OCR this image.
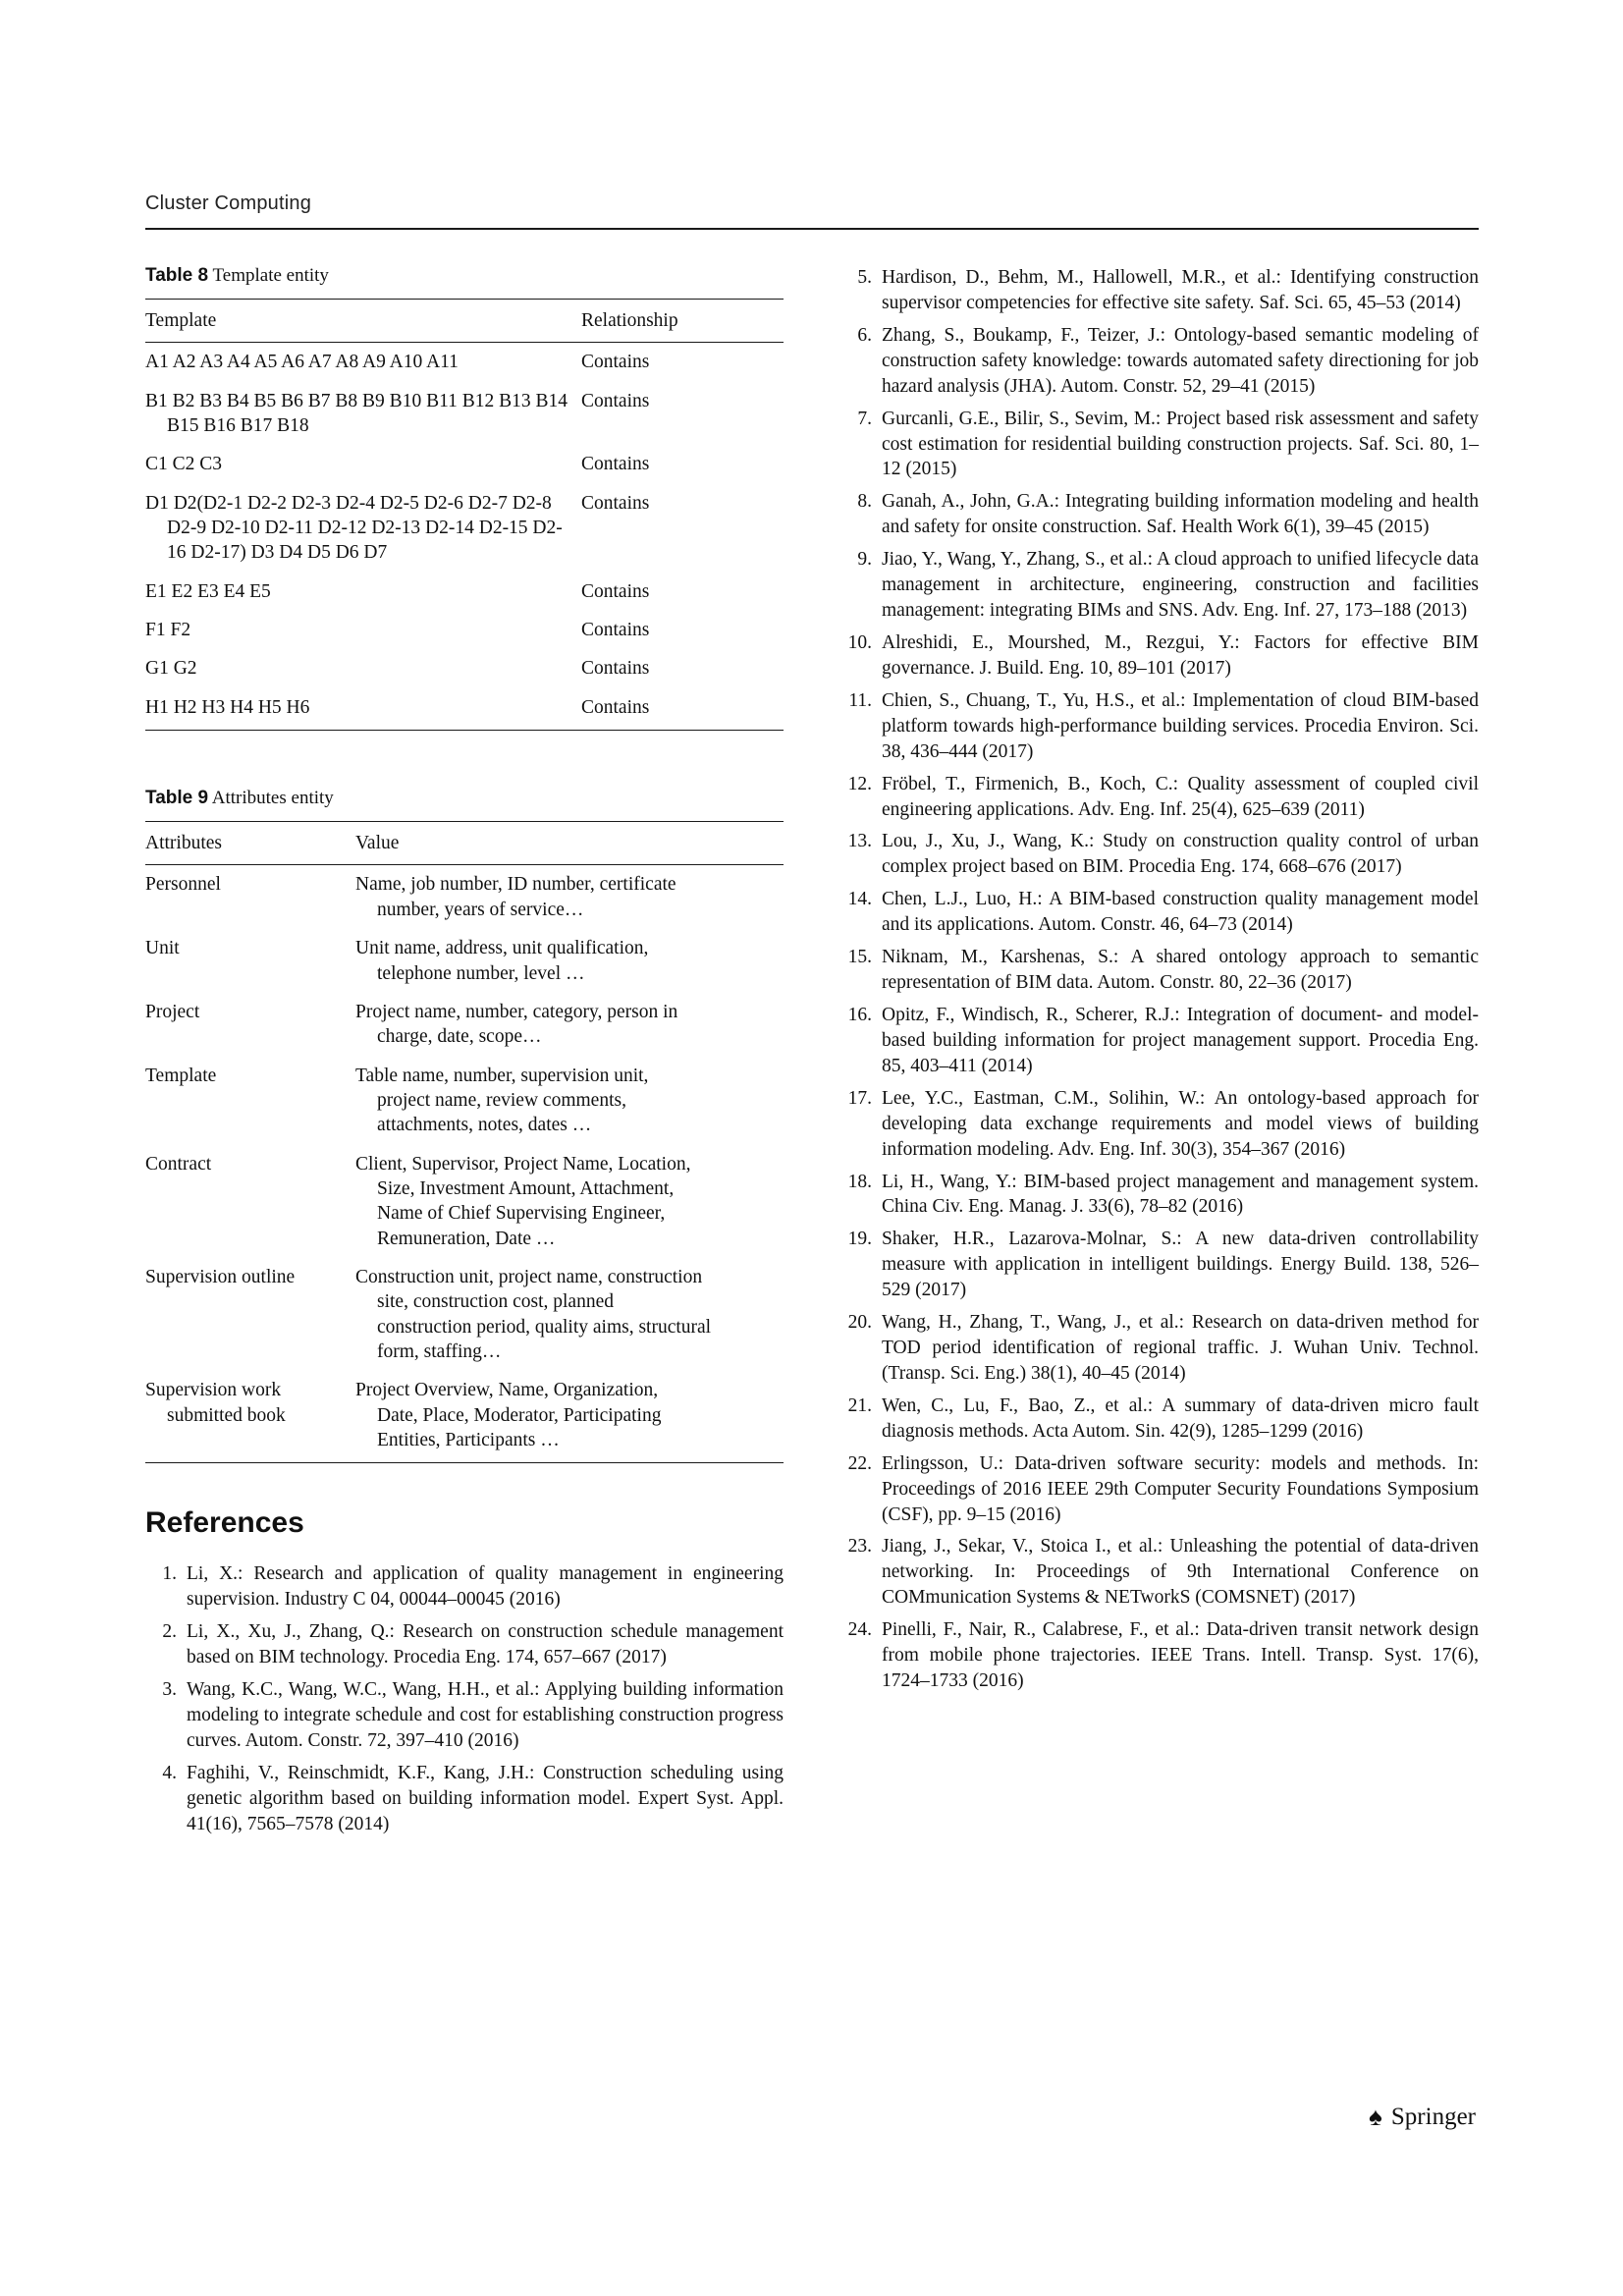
Cluster Computing
Table 8 Template entity
Template	Relationship

A1 A2 A3 A4 A5 A6 A7 A8 A9 A10 A11	Contains

B1 B2 B3 B4 B5 B6 B7 B8 B9 B10 B11 B12 B13 B14
B15 B16 B17 B18	Contains

C1 C2 C3	Contains

D1 D2(D2-1 D2-2 D2-3 D2-4 D2-5 D2-6 D2-7 D2-8
D2-9 D2-10 D2-11 D2-12 D2-13 D2-14 D2-15 D2-
16 D2-17) D3 D4 D5 D6 D7	Contains

E1 E2 E3 E4 E5	Contains

F1 F2	Contains

G1 G2	Contains

H1 H2 H3 H4 H5 H6	Contains
Table 9 Attributes entity
Attributes	Value

Personnel	Name, job number, ID number, certificate
number, years of service…

Unit	Unit name, address, unit qualification,
telephone number, level …

Project	Project name, number, category, person in
charge, date, scope…

Template	Table name, number, supervision unit,
project name, review comments,
attachments, notes, dates …

Contract	Client, Supervisor, Project Name, Location,
Size, Investment Amount, Attachment,
Name of Chief Supervising Engineer,
Remuneration, Date …

Supervision outline	Construction unit, project name, construction
site, construction cost, planned
construction period, quality aims, structural
form, staffing…

Supervision work
submitted book	Project Overview, Name, Organization,
Date, Place, Moderator, Participating
Entities, Participants …
References
1. Li, X.: Research and application of quality management in engineering supervision. Industry C 04, 00044–00045 (2016)
2. Li, X., Xu, J., Zhang, Q.: Research on construction schedule management based on BIM technology. Procedia Eng. 174, 657–667 (2017)
3. Wang, K.C., Wang, W.C., Wang, H.H., et al.: Applying building information modeling to integrate schedule and cost for establishing construction progress curves. Autom. Constr. 72, 397–410 (2016)
4. Faghihi, V., Reinschmidt, K.F., Kang, J.H.: Construction scheduling using genetic algorithm based on building information model. Expert Syst. Appl. 41(16), 7565–7578 (2014)
5. Hardison, D., Behm, M., Hallowell, M.R., et al.: Identifying construction supervisor competencies for effective site safety. Saf. Sci. 65, 45–53 (2014)
6. Zhang, S., Boukamp, F., Teizer, J.: Ontology-based semantic modeling of construction safety knowledge: towards automated safety directioning for job hazard analysis (JHA). Autom. Constr. 52, 29–41 (2015)
7. Gurcanli, G.E., Bilir, S., Sevim, M.: Project based risk assessment and safety cost estimation for residential building construction projects. Saf. Sci. 80, 1–12 (2015)
8. Ganah, A., John, G.A.: Integrating building information modeling and health and safety for onsite construction. Saf. Health Work 6(1), 39–45 (2015)
9. Jiao, Y., Wang, Y., Zhang, S., et al.: A cloud approach to unified lifecycle data management in architecture, engineering, construction and facilities management: integrating BIMs and SNS. Adv. Eng. Inf. 27, 173–188 (2013)
10. Alreshidi, E., Mourshed, M., Rezgui, Y.: Factors for effective BIM governance. J. Build. Eng. 10, 89–101 (2017)
11. Chien, S., Chuang, T., Yu, H.S., et al.: Implementation of cloud BIM-based platform towards high-performance building services. Procedia Environ. Sci. 38, 436–444 (2017)
12. Fröbel, T., Firmenich, B., Koch, C.: Quality assessment of coupled civil engineering applications. Adv. Eng. Inf. 25(4), 625–639 (2011)
13. Lou, J., Xu, J., Wang, K.: Study on construction quality control of urban complex project based on BIM. Procedia Eng. 174, 668–676 (2017)
14. Chen, L.J., Luo, H.: A BIM-based construction quality management model and its applications. Autom. Constr. 46, 64–73 (2014)
15. Niknam, M., Karshenas, S.: A shared ontology approach to semantic representation of BIM data. Autom. Constr. 80, 22–36 (2017)
16. Opitz, F., Windisch, R., Scherer, R.J.: Integration of document- and model-based building information for project management support. Procedia Eng. 85, 403–411 (2014)
17. Lee, Y.C., Eastman, C.M., Solihin, W.: An ontology-based approach for developing data exchange requirements and model views of building information modeling. Adv. Eng. Inf. 30(3), 354–367 (2016)
18. Li, H., Wang, Y.: BIM-based project management and management system. China Civ. Eng. Manag. J. 33(6), 78–82 (2016)
19. Shaker, H.R., Lazarova-Molnar, S.: A new data-driven controllability measure with application in intelligent buildings. Energy Build. 138, 526–529 (2017)
20. Wang, H., Zhang, T., Wang, J., et al.: Research on data-driven method for TOD period identification of regional traffic. J. Wuhan Univ. Technol. (Transp. Sci. Eng.) 38(1), 40–45 (2014)
21. Wen, C., Lu, F., Bao, Z., et al.: A summary of data-driven micro fault diagnosis methods. Acta Autom. Sin. 42(9), 1285–1299 (2016)
22. Erlingsson, U.: Data-driven software security: models and methods. In: Proceedings of 2016 IEEE 29th Computer Security Foundations Symposium (CSF), pp. 9–15 (2016)
23. Jiang, J., Sekar, V., Stoica I., et al.: Unleashing the potential of data-driven networking. In: Proceedings of 9th International Conference on COMmunication Systems & NETworkS (COMSNET) (2017)
24. Pinelli, F., Nair, R., Calabrese, F., et al.: Data-driven transit network design from mobile phone trajectories. IEEE Trans. Intell. Transp. Syst. 17(6), 1724–1733 (2016)
♠ Springer
